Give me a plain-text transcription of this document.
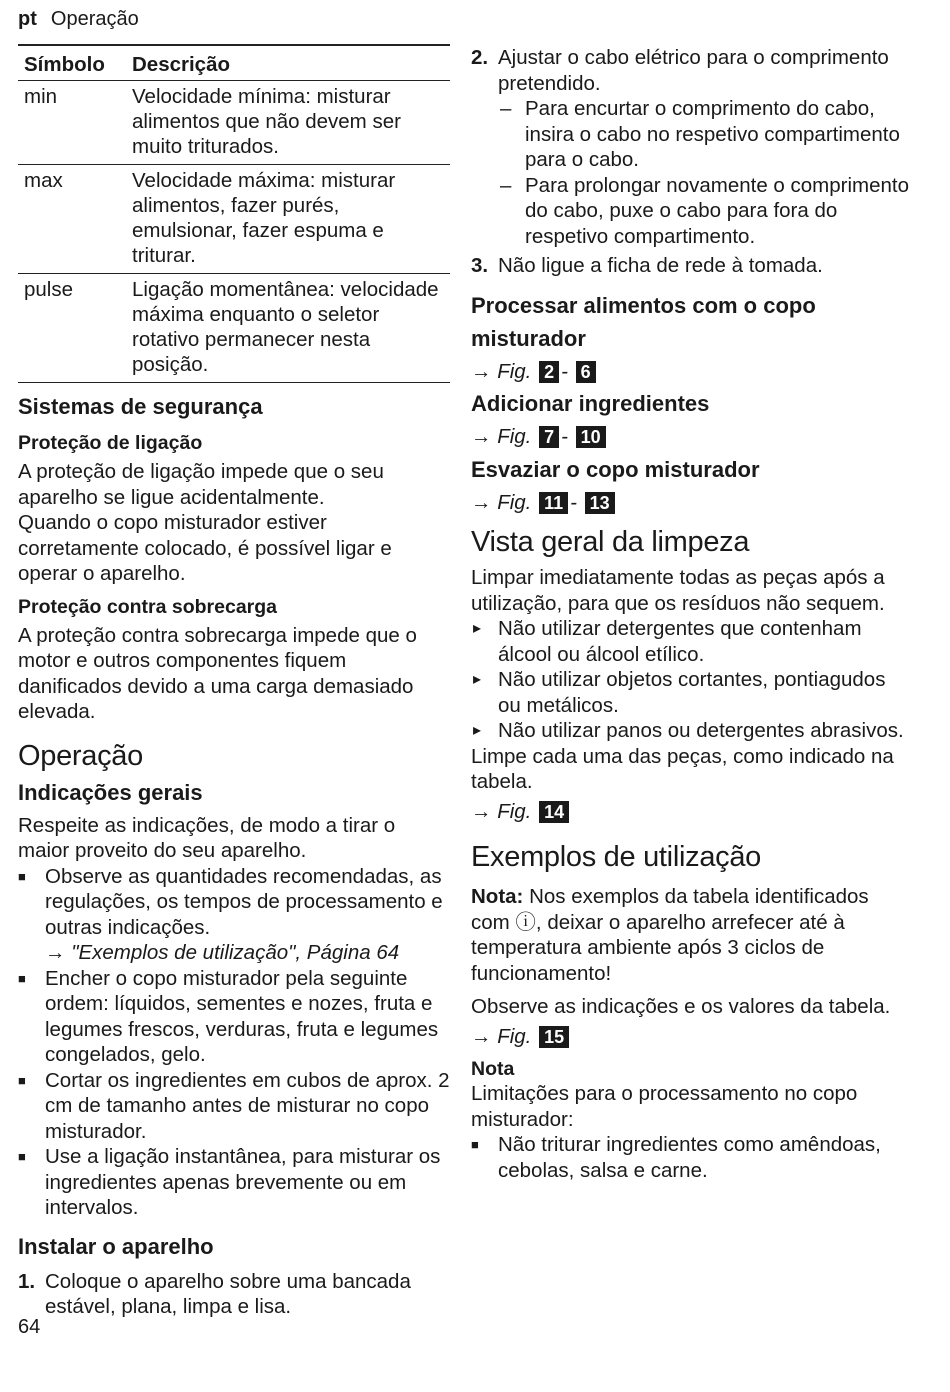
pt Operação
Símbolo	Descrição
min	Velocidade mínima: misturar alimentos que não devem ser muito triturados.
max	Velocidade máxima: misturar alimentos, fazer purés, emulsionar, fazer espuma e triturar.
pulse	Ligação momentânea: velocidade máxima enquanto o seletor rotativo permanecer nesta posição.
Sistemas de segurança
Proteção de ligação

A proteção de ligação impede que o seu aparelho se ligue acidentalmente.

Quando o copo misturador estiver corretamente colocado, é possível ligar e operar o aparelho.

Proteção contra sobrecarga

A proteção contra sobrecarga impede que o motor e outros componentes fiquem danificados devido a uma carga demasiado elevada.

Operação
Indicações gerais

Respeite as indicações, de modo a tirar o maior proveito do seu aparelho.

■ Observe as quantidades recomendadas, as regulações, os tempos de processamento e outras indicações.
→ "Exemplos de utilização", Página 64
■ Encher o copo misturador pela seguinte ordem: líquidos, sementes e nozes, fruta e legumes frescos, verduras, fruta e legumes congelados, gelo.
■ Cortar os ingredientes em cubos de aprox. 2 cm de tamanho antes de misturar no copo misturador.
■ Use a ligação instantânea, para misturar os ingredientes apenas brevemente ou em intervalos.
Instalar o aparelho
1. Coloque o aparelho sobre uma bancada estável, plana, limpa e lisa.
64
2. Ajustar o cabo elétrico para o comprimento pretendido.
– Para encurtar o comprimento do cabo, insira o cabo no respetivo compartimento para o cabo.
– Para prolongar novamente o comprimento do cabo, puxe o cabo para fora do respetivo compartimento.
3. Não ligue a ficha de rede à tomada.
Processar alimentos com o copo misturador
→ Fig. 2 - 6
Adicionar ingredientes
→ Fig. 7 - 10
Esvaziar o copo misturador
→ Fig. 11 - 13
Vista geral da limpeza

Limpar imediatamente todas as peças após a utilização, para que os resíduos não sequem.

▸ Não utilizar detergentes que contenham álcool ou álcool etílico.
▸ Não utilizar objetos cortantes, pontiagudos ou metálicos.
▸ Não utilizar panos ou detergentes abrasivos.

Limpe cada uma das peças, como indicado na tabela.

→ Fig. 14
Exemplos de utilização

Nota: Nos exemplos da tabela identificados com ⓘ, deixar o aparelho arrefecer até à temperatura ambiente após 3 ciclos de funcionamento!

Observe as indicações e os valores da tabela.

→ Fig. 15
Nota

Limitações para o processamento no copo misturador:

■ Não triturar ingredientes como amêndoas, cebolas, salsa e carne.
